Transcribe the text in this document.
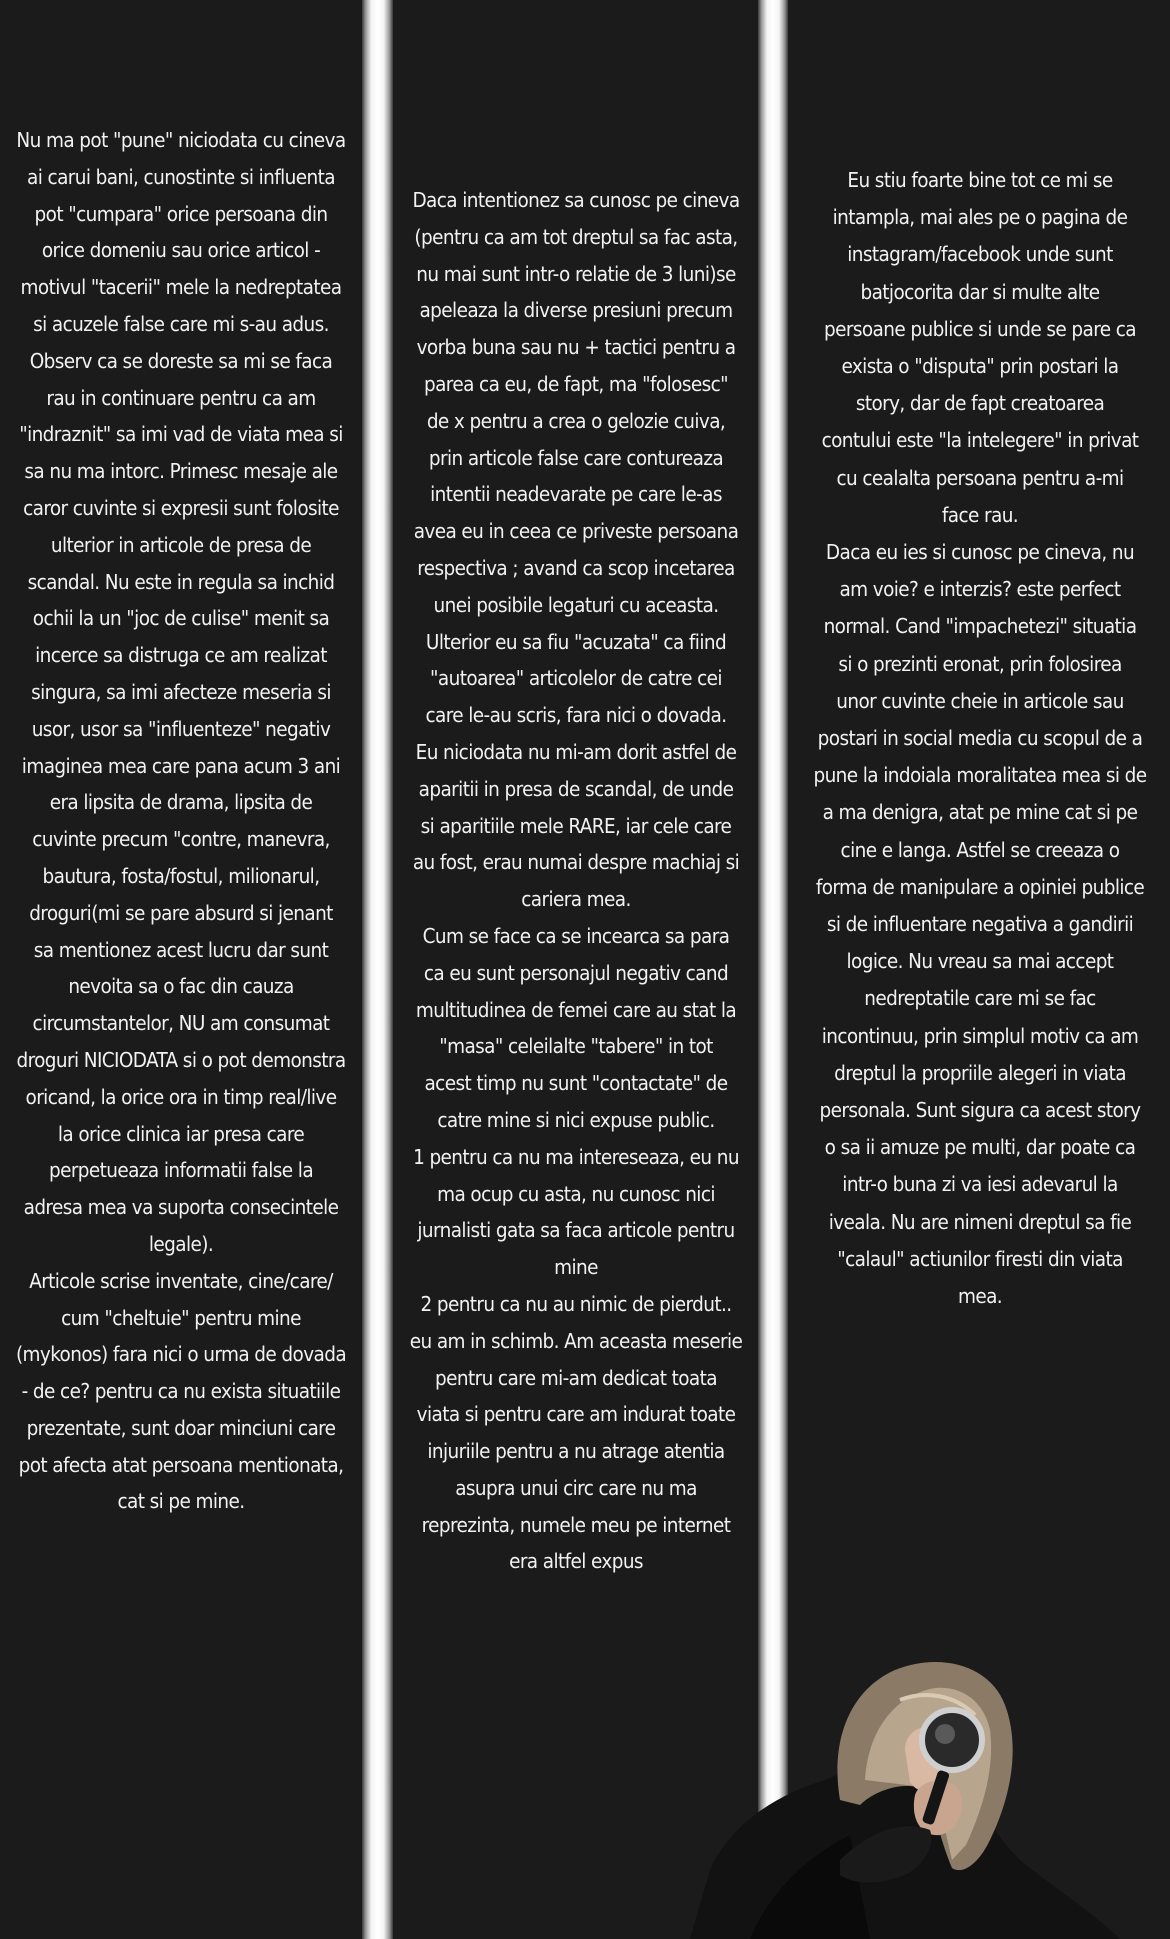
Nu ma pot "pune" niciodata cu cineva
ai carui bani, cunostinte si influenta
pot "cumpara" orice persoana din
orice domeniu sau orice articol -
motivul "tacerii" mele la nedreptatea
si acuzele false care mi s-au adus.
Observ ca se doreste sa mi se faca
rau in continuare pentru ca am
"indraznit" sa imi vad de viata mea si
sa nu ma intorc. Primesc mesaje ale
caror cuvinte si expresii sunt folosite
ulterior in articole de presa de
scandal. Nu este in regula sa inchid
ochii la un "joc de culise" menit sa
incerce sa distruga ce am realizat
singura, sa imi afecteze meseria si
usor, usor sa "influenteze" negativ
imaginea mea care pana acum 3 ani
era lipsita de drama, lipsita de
cuvinte precum "contre, manevra,
bautura, fosta/fostul, milionarul,
droguri(mi se pare absurd si jenant
sa mentionez acest lucru dar sunt
nevoita sa o fac din cauza
circumstantelor, NU am consumat
droguri NICIODATA si o pot demonstra
oricand, la orice ora in timp real/live
la orice clinica iar presa care
perpetueaza informatii false la
adresa mea va suporta consecintele
legale).
Articole scrise inventate, cine/care/
cum "cheltuie" pentru mine
(mykonos) fara nici o urma de dovada
- de ce? pentru ca nu exista situatiile
prezentate, sunt doar minciuni care
pot afecta atat persoana mentionata,
cat si pe mine.
Daca intentionez sa cunosc pe cineva
(pentru ca am tot dreptul sa fac asta,
nu mai sunt intr-o relatie de 3 luni)se
apeleaza la diverse presiuni precum
vorba buna sau nu + tactici pentru a
parea ca eu, de fapt, ma "folosesc"
de x pentru a crea o gelozie cuiva,
prin articole false care contureaza
intentii neadevarate pe care le-as
avea eu in ceea ce priveste persoana
respectiva ; avand ca scop incetarea
unei posibile legaturi cu aceasta.
Ulterior eu sa fiu "acuzata" ca fiind
"autoarea" articolelor de catre cei
care le-au scris, fara nici o dovada.
Eu niciodata nu mi-am dorit astfel de
aparitii in presa de scandal, de unde
si aparitiile mele RARE, iar cele care
au fost, erau numai despre machiaj si
cariera mea.
Cum se face ca se incearca sa para
ca eu sunt personajul negativ cand
multitudinea de femei care au stat la
"masa" celeilalte "tabere" in tot
acest timp nu sunt "contactate" de
catre mine si nici expuse public.
1 pentru ca nu ma intereseaza, eu nu
ma ocup cu asta, nu cunosc nici
jurnalisti gata sa faca articole pentru
mine
2 pentru ca nu au nimic de pierdut..
eu am in schimb. Am aceasta meserie
pentru care mi-am dedicat toata
viata si pentru care am indurat toate
injuriile pentru a nu atrage atentia
asupra unui circ care nu ma
reprezinta, numele meu pe internet
era altfel expus
Eu stiu foarte bine tot ce mi se
intampla, mai ales pe o pagina de
instagram/facebook unde sunt
batjocorita dar si multe alte
persoane publice si unde se pare ca
exista o "disputa" prin postari la
story, dar de fapt creatoarea
contului este "la intelegere" in privat
cu cealalta persoana pentru a-mi
face rau.
Daca eu ies si cunosc pe cineva, nu
am voie? e interzis? este perfect
normal. Cand "impachetezi" situatia
si o prezinti eronat, prin folosirea
unor cuvinte cheie in articole sau
postari in social media cu scopul de a
pune la indoiala moralitatea mea si de
a ma denigra, atat pe mine cat si pe
cine e langa. Astfel se creeaza o
forma de manipulare a opiniei publice
si de influentare negativa a gandirii
logice. Nu vreau sa mai accept
nedreptatile care mi se fac
incontinuu, prin simplul motiv ca am
dreptul la propriile alegeri in viata
personala. Sunt sigura ca acest story
o sa ii amuze pe multi, dar poate ca
intr-o buna zi va iesi adevarul la
iveala. Nu are nimeni dreptul sa fie
"calaul" actiunilor firesti din viata
mea.
